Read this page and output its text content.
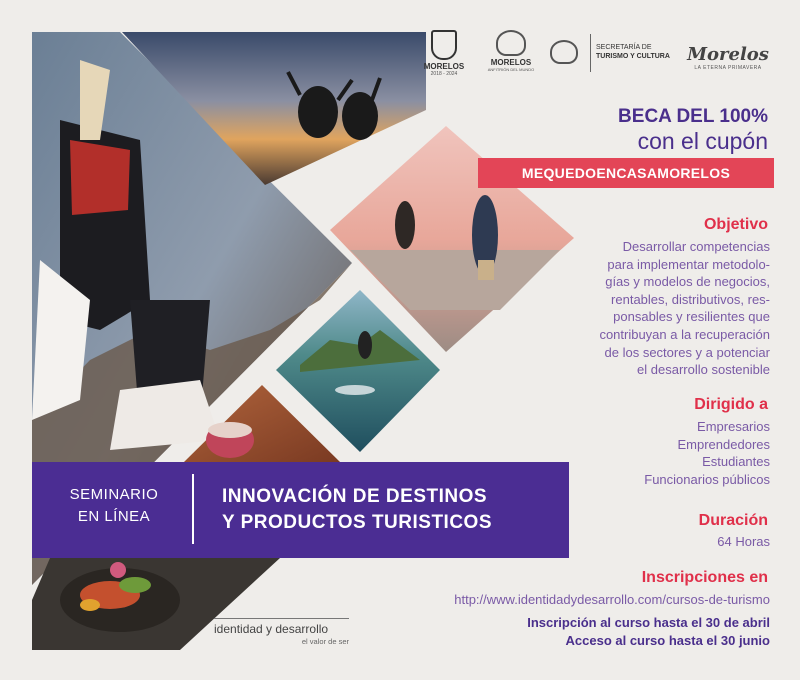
MORELOS
2018 - 2024
MORELOS
ANFITRIÓN DEL MUNDO
SECRETARÍA DE
TURISMO Y CULTURA Morelos
LA ETERNA PRIMAVERA
BECA DEL 100%
con el cupón
MEQUEDOENCASAMORELOS
Objetivo
Desarrollar competencias
para implementar metodolo-
gías y modelos de negocios,
rentables, distributivos, res-
ponsables y resilientes que
contribuyan a la recuperación
de los sectores y a potenciar
el desarrollo sostenible
Dirigido a
Empresarios
Emprendedores
Estudiantes
Funcionarios públicos
Duración
64 Horas
SEMINARIO
EN LÍNEA
INNOVACIÓN DE DESTINOS
Y PRODUCTOS TURISTICOS
Inscripciones en
http://www.identidadydesarrollo.com/cursos-de-turismo
Inscripción al curso hasta el 30 de abril
Acceso al curso hasta el 30 junio
identidad y desarrollo
el valor de ser
